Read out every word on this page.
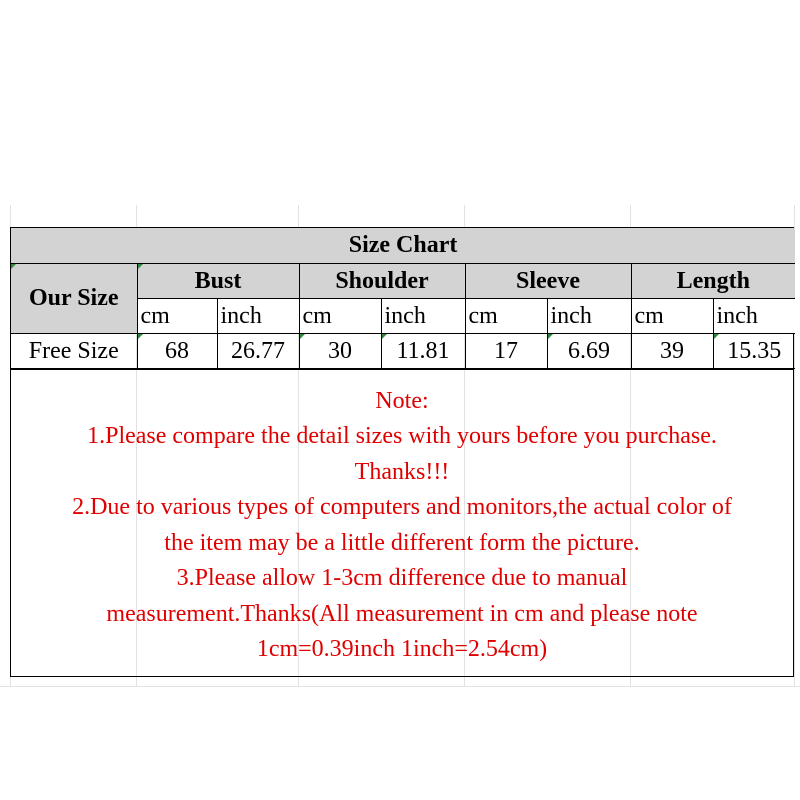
Size Chart								
Our Size	Bust		Shoulder		Sleeve		Length	
	cm	inch	cm	inch	cm	inch	cm	inch
Free Size	68	26.77	30	11.81	17	6.69	39	15.35
Note:
1.Please compare the detail sizes with yours before you purchase.
Thanks!!!
2.Due to various types of computers and monitors,the actual color of
the item may be a little different form the picture.
3.Please allow 1-3cm difference due to manual
measurement.Thanks(All measurement in cm and please note
1cm=0.39inch 1inch=2.54cm)
